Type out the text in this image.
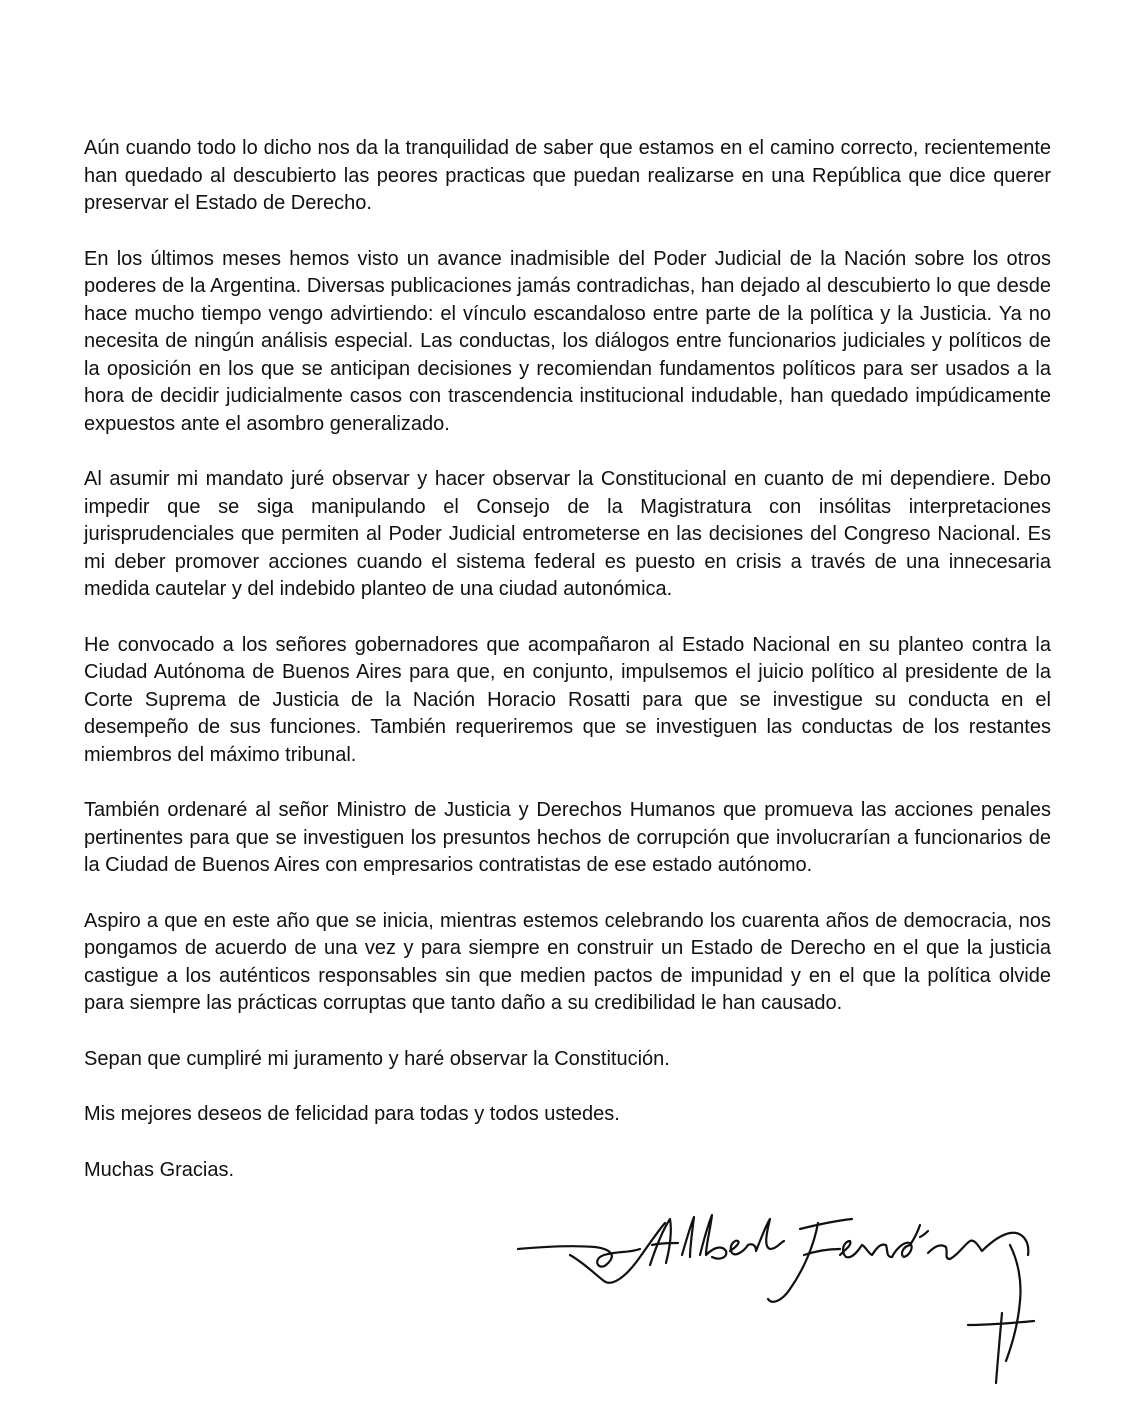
Aún cuando todo lo dicho nos da la tranquilidad de saber que estamos en el camino correcto, recientemente han quedado al descubierto las peores practicas que puedan realizarse en una República que dice querer preservar el Estado de Derecho.

En los últimos meses hemos visto un avance inadmisible del Poder Judicial de la Nación sobre los otros poderes de la Argentina. Diversas publicaciones jamás contradichas, han dejado al descubierto lo que desde hace mucho tiempo vengo advirtiendo: el vínculo escandaloso entre parte de la política y la Justicia. Ya no necesita de ningún análisis especial. Las conductas, los diálogos entre funcionarios judiciales y políticos de la oposición en los que se anticipan decisiones y recomiendan fundamentos políticos para ser usados a la hora de decidir judicialmente casos con trascendencia institucional indudable, han quedado impúdicamente expuestos ante el asombro generalizado.

Al asumir mi mandato juré observar y hacer observar la Constitucional en cuanto de mi dependiere. Debo impedir que se siga manipulando el Consejo de la Magistratura con insólitas interpretaciones jurisprudenciales que permiten al Poder Judicial entrometerse en las decisiones del Congreso Nacional. Es mi deber promover acciones cuando el sistema federal es puesto en crisis a través de una innecesaria medida cautelar y del indebido planteo de una ciudad autonómica.

He convocado a los señores gobernadores que acompañaron al Estado Nacional en su planteo contra la Ciudad Autónoma de Buenos Aires para que, en conjunto, impulsemos el juicio político al presidente de la Corte Suprema de Justicia de la Nación Horacio Rosatti para que se investigue su conducta en el desempeño de sus funciones. También requeriremos que se investiguen las conductas de los restantes miembros del máximo tribunal.

También ordenaré al señor Ministro de Justicia y Derechos Humanos que promueva las acciones penales pertinentes para que se investiguen los presuntos hechos de corrupción que involucrarían a funcionarios de la Ciudad de Buenos Aires con empresarios contratistas de ese estado autónomo.

Aspiro a que en este año que se inicia, mientras estemos celebrando los cuarenta años de democracia, nos pongamos de acuerdo de una vez y para siempre en construir un Estado de Derecho en el que la justicia castigue a los auténticos responsables sin que medien pactos de impunidad y en el que la política olvide para siempre las prácticas corruptas que tanto daño a su credibilidad le han causado.

Sepan que cumpliré mi juramento y haré observar la Constitución.

Mis mejores deseos de felicidad para todas y todos ustedes.

Muchas Gracias.
